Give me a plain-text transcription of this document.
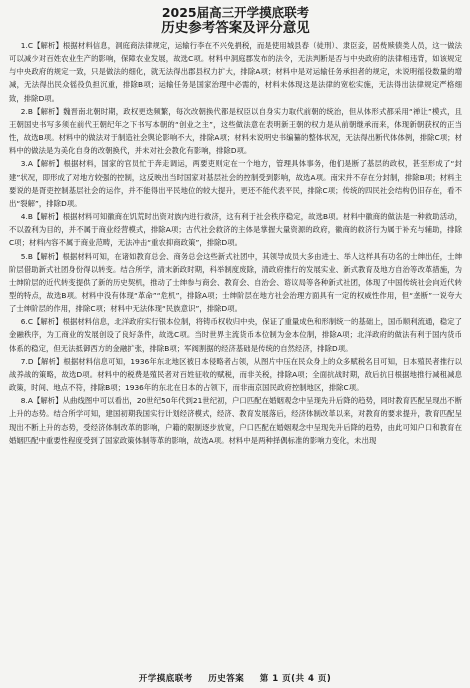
2025届高三开学摸底联考
历史参考答案及评分意见

1.C【解析】根据材料信息，洞庭商法律规定，运输行李在不兴免捐税，而是使用城县春（徒刑）、隶臣妾，居赀赎债类人员，这一做法可以减少对百姓农业生产的影响，保障农业发展，故选C项。材料中洞庭郡发布的法令，无法判断是否与中央政府的法律相违背，如该规定与中央政府的规定一致，只是做法的细化，就无法得出郡县权力扩大，排除A项；材料中是对运输任务承担者的规定，未说明徭役数量的增减，无法得出民众徭役负担沉重，排除B项；运输任务是国家治理中必需的，材料未体现这是法律的宽松实施，无法得出法律规定严格细致，排除D项。

2.B【解析】魏晋南北朝时期，政权更迭频繁，每次改朝换代都是权臣以自身实力取代前朝的统治，但从体形式都采用“禅让”模式，且王朝国史书写多须在前代王朝纪年之下书写本朝的“创业之主”，这些做法意在表明新王朝的权力是从前朝继承而来，体现新朝获权的正当性，故选B项。材料中的做法对于制造社会舆论影响不大，排除A项；材料未说明史书编纂的整体状况，无法得出断代体体例，排除C项；材料中的做法是为美化自身的改朝换代，并未对社会教化有影响，排除D项。

3.A【解析】根据材料，国家的官员忙于奔走调运，两要吏则定在一个地方，管理具体事务，他们是断了基层的政权，甚至形成了“封建”状况，即形成了对地方较强的控制，这反映出当时国家对基层社会的控制受到影响，故选A项。南宋并不存在分封制，排除B项；材料主要说的是胥吏控制基层社会的运作，并不能得出平民地位的较大提升，更还不能代表平民，排除C项；传统的四民社会结构仍旧存在，看不出“裂解”，排除D项。

4.B【解析】根据材料可知徽商在饥荒时出资对族内进行救济，这有利于社会秩序稳定，故选B项。材料中徽商的做法是一种救助活动，不以盈利为目的，并不属于商业经营模式，排除A项；古代社会救济的主体是掌握大量资源的政府，徽商的救济行为属于补充与辅助，排除C项；材料内容不属于商业范畴，无法冲击“重农抑商政策”，排除D项。

5.B【解析】根据材料可知，在诸如教育总会、商务总会这些新式社团中，其领导成员大多由进士、举人这样具有功名的士绅出任，士绅阶层借助新式社团身份得以转变。结合所学，清末新政时期，科举制度废除，清政府推行的发展实业、新式教育及地方自治等改革措施，为士绅阶层的近代转变提供了新的历史契机，推动了士绅参与商会、教育会、自治会、谘议局等各种新式社团，体现了中国传统社会向近代转型的特点，故选B项。材料中没有体现“革命”“危机”，排除A项；士绅阶层在地方社会治理方面具有一定的权威性作用，但“垄断”一说夸大了士绅阶层的作用，排除C项；材料中无法体现“民族意识”，排除D项。

6.C【解析】根据材料信息，北洋政府实行银本位制，将铸币权收归中央，保证了重量成色和形制统一的基础上，国币顺利流通，稳定了金融秩序，为工商业的发展创设了良好条件，故选C项。当时世界主流货币本位制为金本位制，排除A项；北洋政府的做法有利于国内货币体系的稳定，但无法抵御西方的金融扩张，排除B项；军阀割据的经济基础是传统的自然经济，排除D项。

7.D【解析】根据材料信息可知，1936年东北地区被日本侵略者占领，从图片中压在民众身上的众多赋税名目可知，日本殖民者推行以战养战的策略，故选D项。材料中的税费是殖民者对百姓征收的赋税，而非关税，排除A项；全面抗战时期，敌后抗日根据地推行减租减息政策，时间、地点不符，排除B项；1936年的东北在日本的占领下，而非南京国民政府控制地区，排除C项。

8.A【解析】从曲线图中可以看出，20世纪50年代到21世纪初，户口匹配在婚姻观念中呈现先升后降的趋势，同时教育匹配呈现出不断上升的态势。结合所学可知，建国初期我国实行计划经济模式，经济、教育发展落后，经济体制改革以来，对教育的要求提升，教育匹配呈现出不断上升的态势，受经济体制改革的影响，户籍的限制逐步放宽，户口匹配在婚姻观念中呈现先升后降的趋势，由此可知户口和教育在婚姻匹配中重要性程度受到了国家政策体制等革的影响，故选A项。材料中是两种择偶标准的影响力变化，未出现

开学摸底联考 历史答案 第 1 页(共 4 页)
